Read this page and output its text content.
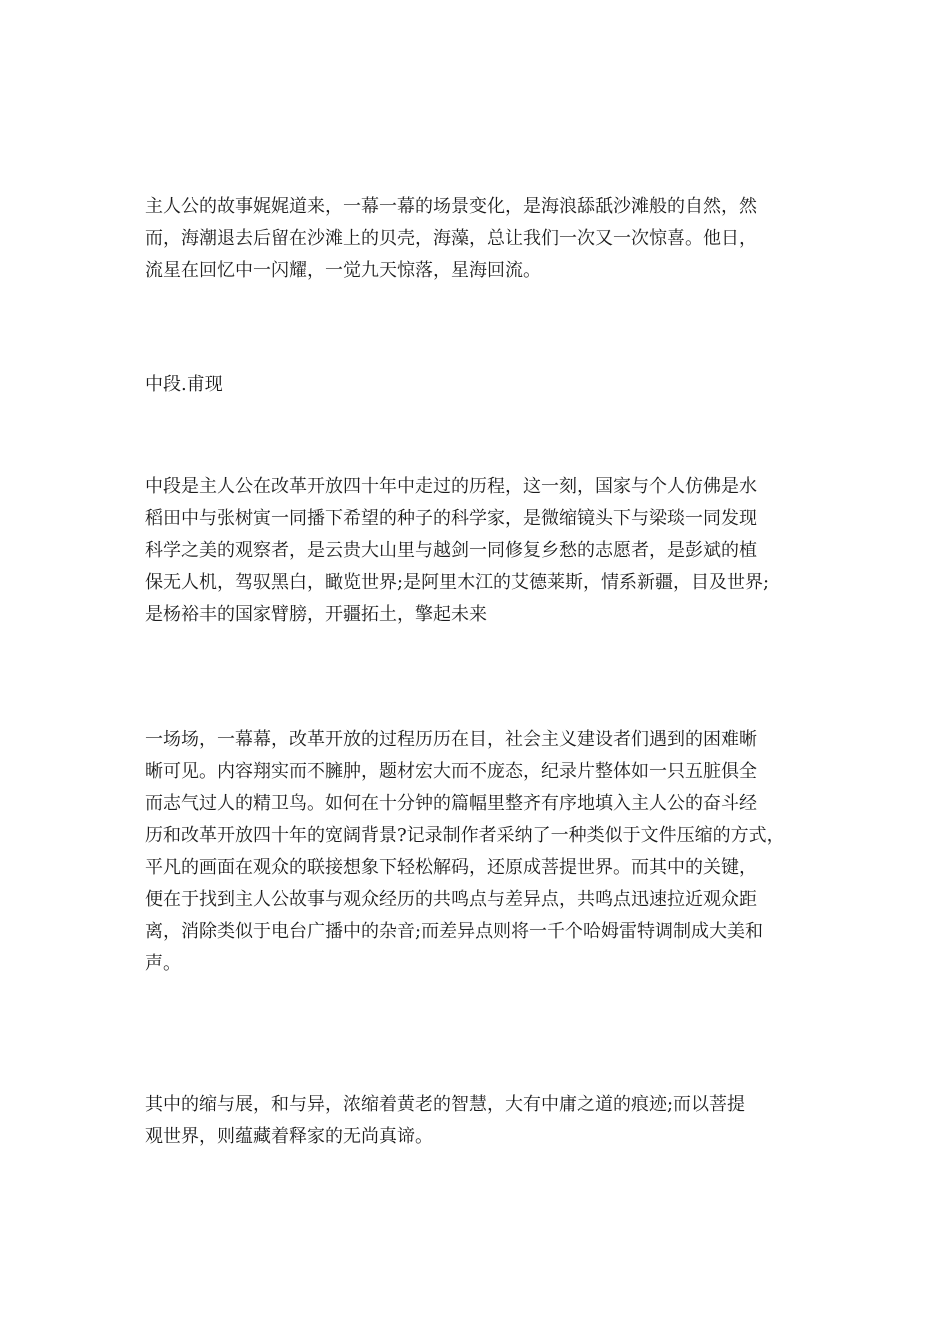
主人公的故事娓娓道来，一幕一幕的场景变化，是海浪舔舐沙滩般的自然，然
而，海潮退去后留在沙滩上的贝壳，海藻，总让我们一次又一次惊喜。他日，
流星在回忆中一闪耀，一觉九天惊落，星海回流。
中段.甫现
中段是主人公在改革开放四十年中走过的历程，这一刻，国家与个人仿佛是水
稻田中与张树寅一同播下希望的种子的科学家，是微缩镜头下与梁琰一同发现
科学之美的观察者，是云贵大山里与越剑一同修复乡愁的志愿者，是彭斌的植
保无人机，驾驭黑白，瞰览世界;是阿里木江的艾德莱斯，情系新疆，目及世界;
是杨裕丰的国家臂膀，开疆拓土，擎起未来
一场场，一幕幕，改革开放的过程历历在目，社会主义建设者们遇到的困难晰
晰可见。内容翔实而不臃肿，题材宏大而不庞态，纪录片整体如一只五脏俱全
而志气过人的精卫鸟。如何在十分钟的篇幅里整齐有序地填入主人公的奋斗经
历和改革开放四十年的宽阔背景?记录制作者采纳了一种类似于文件压缩的方式，
平凡的画面在观众的联接想象下轻松解码，还原成菩提世界。而其中的关键，
便在于找到主人公故事与观众经历的共鸣点与差异点，共鸣点迅速拉近观众距
离，消除类似于电台广播中的杂音;而差异点则将一千个哈姆雷特调制成大美和
声。
其中的缩与展，和与异，浓缩着黄老的智慧，大有中庸之道的痕迹;而以菩提
观世界，则蕴藏着释家的无尚真谛。
